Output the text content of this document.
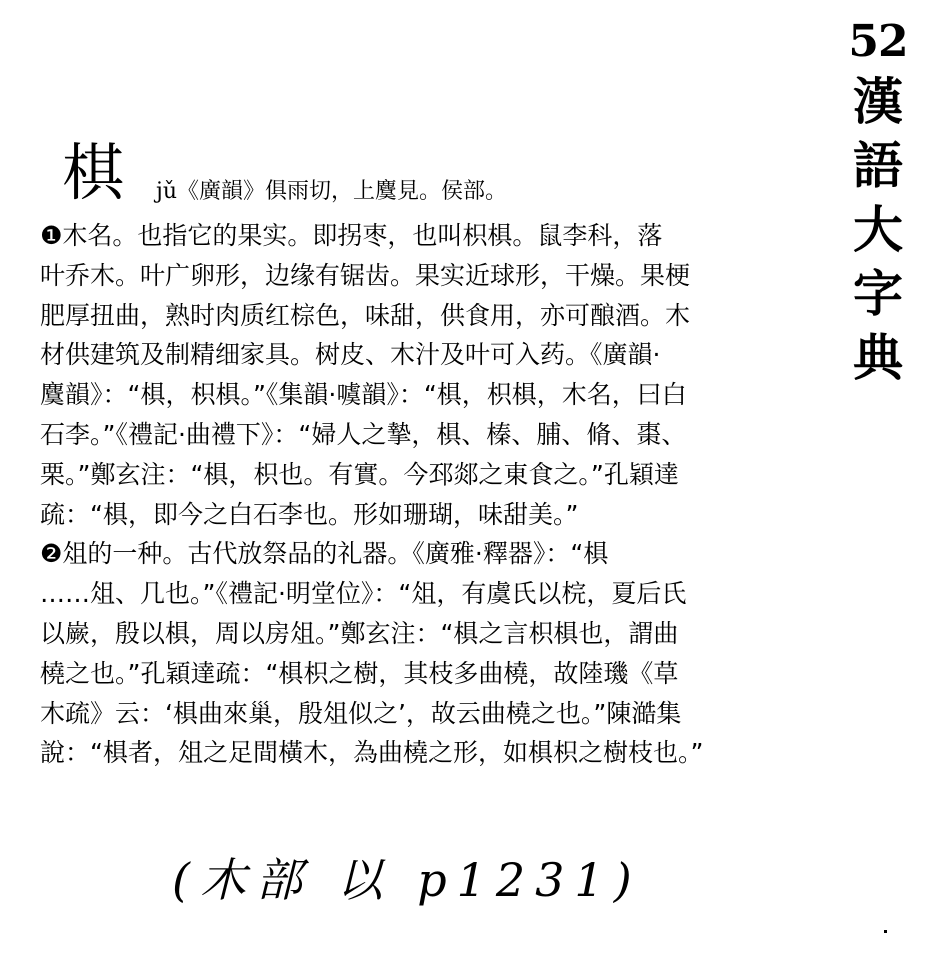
52
漢
語
大
字
典
棋 jǔ《廣韻》俱雨切，上麌見。侯部。
❶木名。也指它的果实。即拐枣，也叫枳椇。鼠李科，落
叶乔木。叶广卵形，边缘有锯齿。果实近球形，干燥。果梗
肥厚扭曲，熟时肉质红棕色，味甜，供食用，亦可酿酒。木
材供建筑及制精细家具。树皮、木汁及叶可入药。《廣韻·
麌韻》：“椇，枳椇。”《集韻·噳韻》：“椇，枳椇，木名，曰白
石李。”《禮記·曲禮下》：“婦人之摯，椇、榛、脯、脩、棗、
栗。”鄭玄注：“椇，枳也。有實。今邳郯之東食之。”孔穎達
疏：“椇，即今之白石李也。形如珊瑚，味甜美。”
❷俎的一种。古代放祭品的礼器。《廣雅·釋器》：“椇
……俎、几也。”《禮記·明堂位》：“俎，有虞氏以梡，夏后氏
以嶡，殷以椇，周以房俎。”鄭玄注：“椇之言枳椇也，謂曲
橈之也。”孔穎達疏：“椇枳之樹，其枝多曲橈，故陸璣《草
木疏》云：‘椇曲來巢，殷俎似之’，故云曲橈之也。”陳澔集
說：“椇者，俎之足間橫木，為曲橈之形，如椇枳之樹枝也。”
(木部 以 p1231)
